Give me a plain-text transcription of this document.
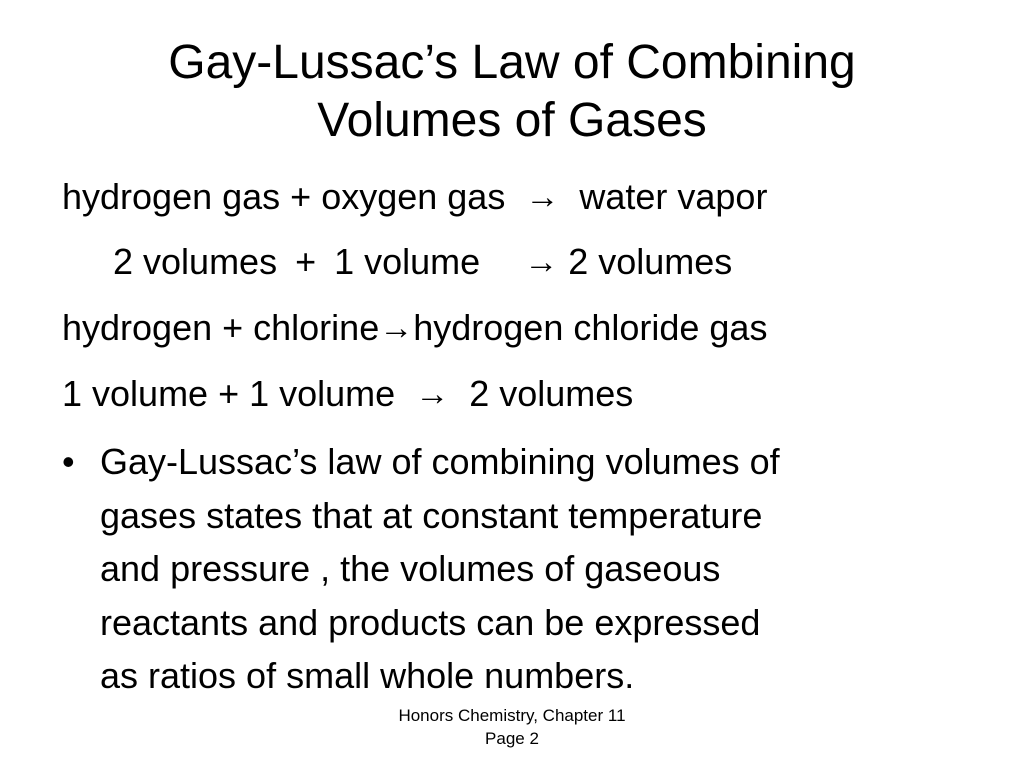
Gay-Lussac’s Law of Combining
Volumes of Gases
hydrogen gas + oxygen gas → water vapor
2 volumes + 1 volume → 2 volumes
hydrogen + chlorine→hydrogen chloride gas
1 volume + 1 volume → 2 volumes
• Gay-Lussac’s law of combining volumes of
gases states that at constant temperature
and pressure , the volumes of gaseous
reactants and products can be expressed
as ratios of small whole numbers.
Honors Chemistry, Chapter 11
Page 2
